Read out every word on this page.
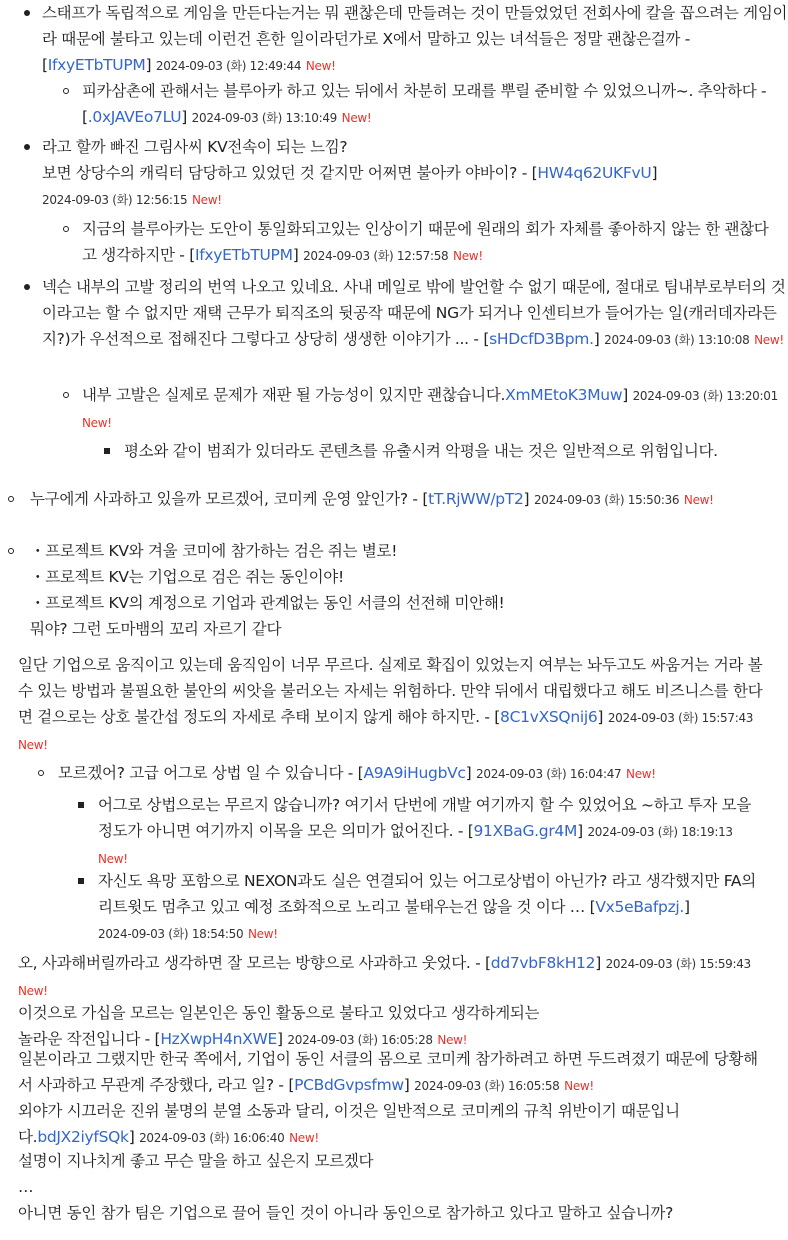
스태프가 독립적으로 게임을 만든다는거는 뭐 괜찮은데 만들려는 것이 만들었었던 전회사에 칼을 꼽으려는 게임이라 때문에 불타고 있는데 이런건 흔한 일이라던가로 X에서 말하고 있는 녀석들은 정말 괜찮은걸까 - [IfxyETbTUPM] 2024-09-03 (화) 12:49:44 New!
피카삼촌에 관해서는 블루아카 하고 있는 뒤에서 차분히 모래를 뿌릴 준비할 수 있었으니까~. 추악하다 - [.0xJAVEo7LU] 2024-09-03 (화) 13:10:49 New!
라고 할까 빠진 그림사씨 KV전속이 되는 느낌?
보면 상당수의 캐릭터 담당하고 있었던 것 같지만 어쩌면 불아카 야바이? - [HW4q62UKFvU] 2024-09-03 (화) 12:56:15 New!
지금의 블루아카는 도안이 통일화되고있는 인상이기 때문에 원래의 회가 자체를 좋아하지 않는 한 괜찮다고 생각하지만 - [IfxyETbTUPM] 2024-09-03 (화) 12:57:58 New!
넥슨 내부의 고발 정리의 번역 나오고 있네요. 사내 메일로 밖에 발언할 수 없기 때문에, 절대로 팀내부로부터의 것이라고는 할 수 없지만 재택 근무가 퇴직조의 뒷공작 때문에 NG가 되거나 인센티브가 들어가는 일(캐러데자라든지?)가 우선적으로 접해진다 그렇다고 상당히 생생한 이야기가 ... - [sHDcfD3Bpm.] 2024-09-03 (화) 13:10:08 New!
내부 고발은 실제로 문제가 재판 될 가능성이 있지만 괜찮습니다.XmMEtoK3Muw] 2024-09-03 (화) 13:20:01 New!
평소와 같이 범죄가 있더라도 콘텐츠를 유출시켜 악평을 내는 것은 일반적으로 위험입니다.
누구에게 사과하고 있을까 모르겠어, 코미케 운영 앞인가? - [tT.RjWW/pT2] 2024-09-03 (화) 15:50:36 New!
・프로젝트 KV와 겨울 코미에 참가하는 검은 쥐는 별로!
・프로젝트 KV는 기업으로 검은 쥐는 동인이야!
・프로젝트 KV의 계정으로 기업과 관계없는 동인 서클의 선전해 미안해!
뭐야? 그런 도마뱀의 꼬리 자르기 같다
일단 기업으로 움직이고 있는데 움직임이 너무 무르다. 실제로 확집이 있었는지 여부는 놔두고도 싸움거는 거라 볼 수 있는 방법과 불필요한 불안의 씨앗을 불러오는 자세는 위험하다. 만약 뒤에서 대립했다고 해도 비즈니스를 한다면 겉으로는 상호 불간섭 정도의 자세로 추태 보이지 않게 해야 하지만. - [8C1vXSQnij6] 2024-09-03 (화) 15:57:43 New!
모르겠어? 고급 어그로 상법 일 수 있습니다 - [A9A9iHugbVc] 2024-09-03 (화) 16:04:47 New!
어그로 상법으로는 무르지 않습니까? 여기서 단번에 개발 여기까지 할 수 있었어요 ~하고 투자 모을 정도가 아니면 여기까지 이목을 모은 의미가 없어진다. - [91XBaG.gr4M] 2024-09-03 (화) 18:19:13 New!
자신도 욕망 포함으로 NEXON과도 실은 연결되어 있는 어그로상법이 아닌가? 라고 생각했지만 FA의 리트윗도 멈추고 있고 예정 조화적으로 노리고 불태우는건 않을 것 이다 … [Vx5eBafpzj.] 2024-09-03 (화) 18:54:50 New!
오, 사과해버릴까라고 생각하면 잘 모르는 방향으로 사과하고 웃었다. - [dd7vbF8kH12] 2024-09-03 (화) 15:59:43 New!
이것으로 가십을 모르는 일본인은 동인 활동으로 불타고 있었다고 생각하게되는
놀라운 작전입니다 - [HzXwpH4nXWE] 2024-09-03 (화) 16:05:28 New!
일본이라고 그랬지만 한국 쪽에서, 기업이 동인 서클의 몸으로 코미케 참가하려고 하면 두드려졌기 때문에 당황해서 사과하고 무관계 주장했다, 라고 일? - [PCBdGvpsfmw] 2024-09-03 (화) 16:05:58 New!
외야가 시끄러운 진위 불명의 분열 소동과 달리, 이것은 일반적으로 코미케의 규칙 위반이기 때문입니다.bdJX2iyfSQk] 2024-09-03 (화) 16:06:40 New!
설명이 지나치게 좋고 무슨 말을 하고 싶은지 모르겠다
…
아니면 동인 참가 팀은 기업으로 끌어 들인 것이 아니라 동인으로 참가하고 있다고 말하고 싶습니까?
